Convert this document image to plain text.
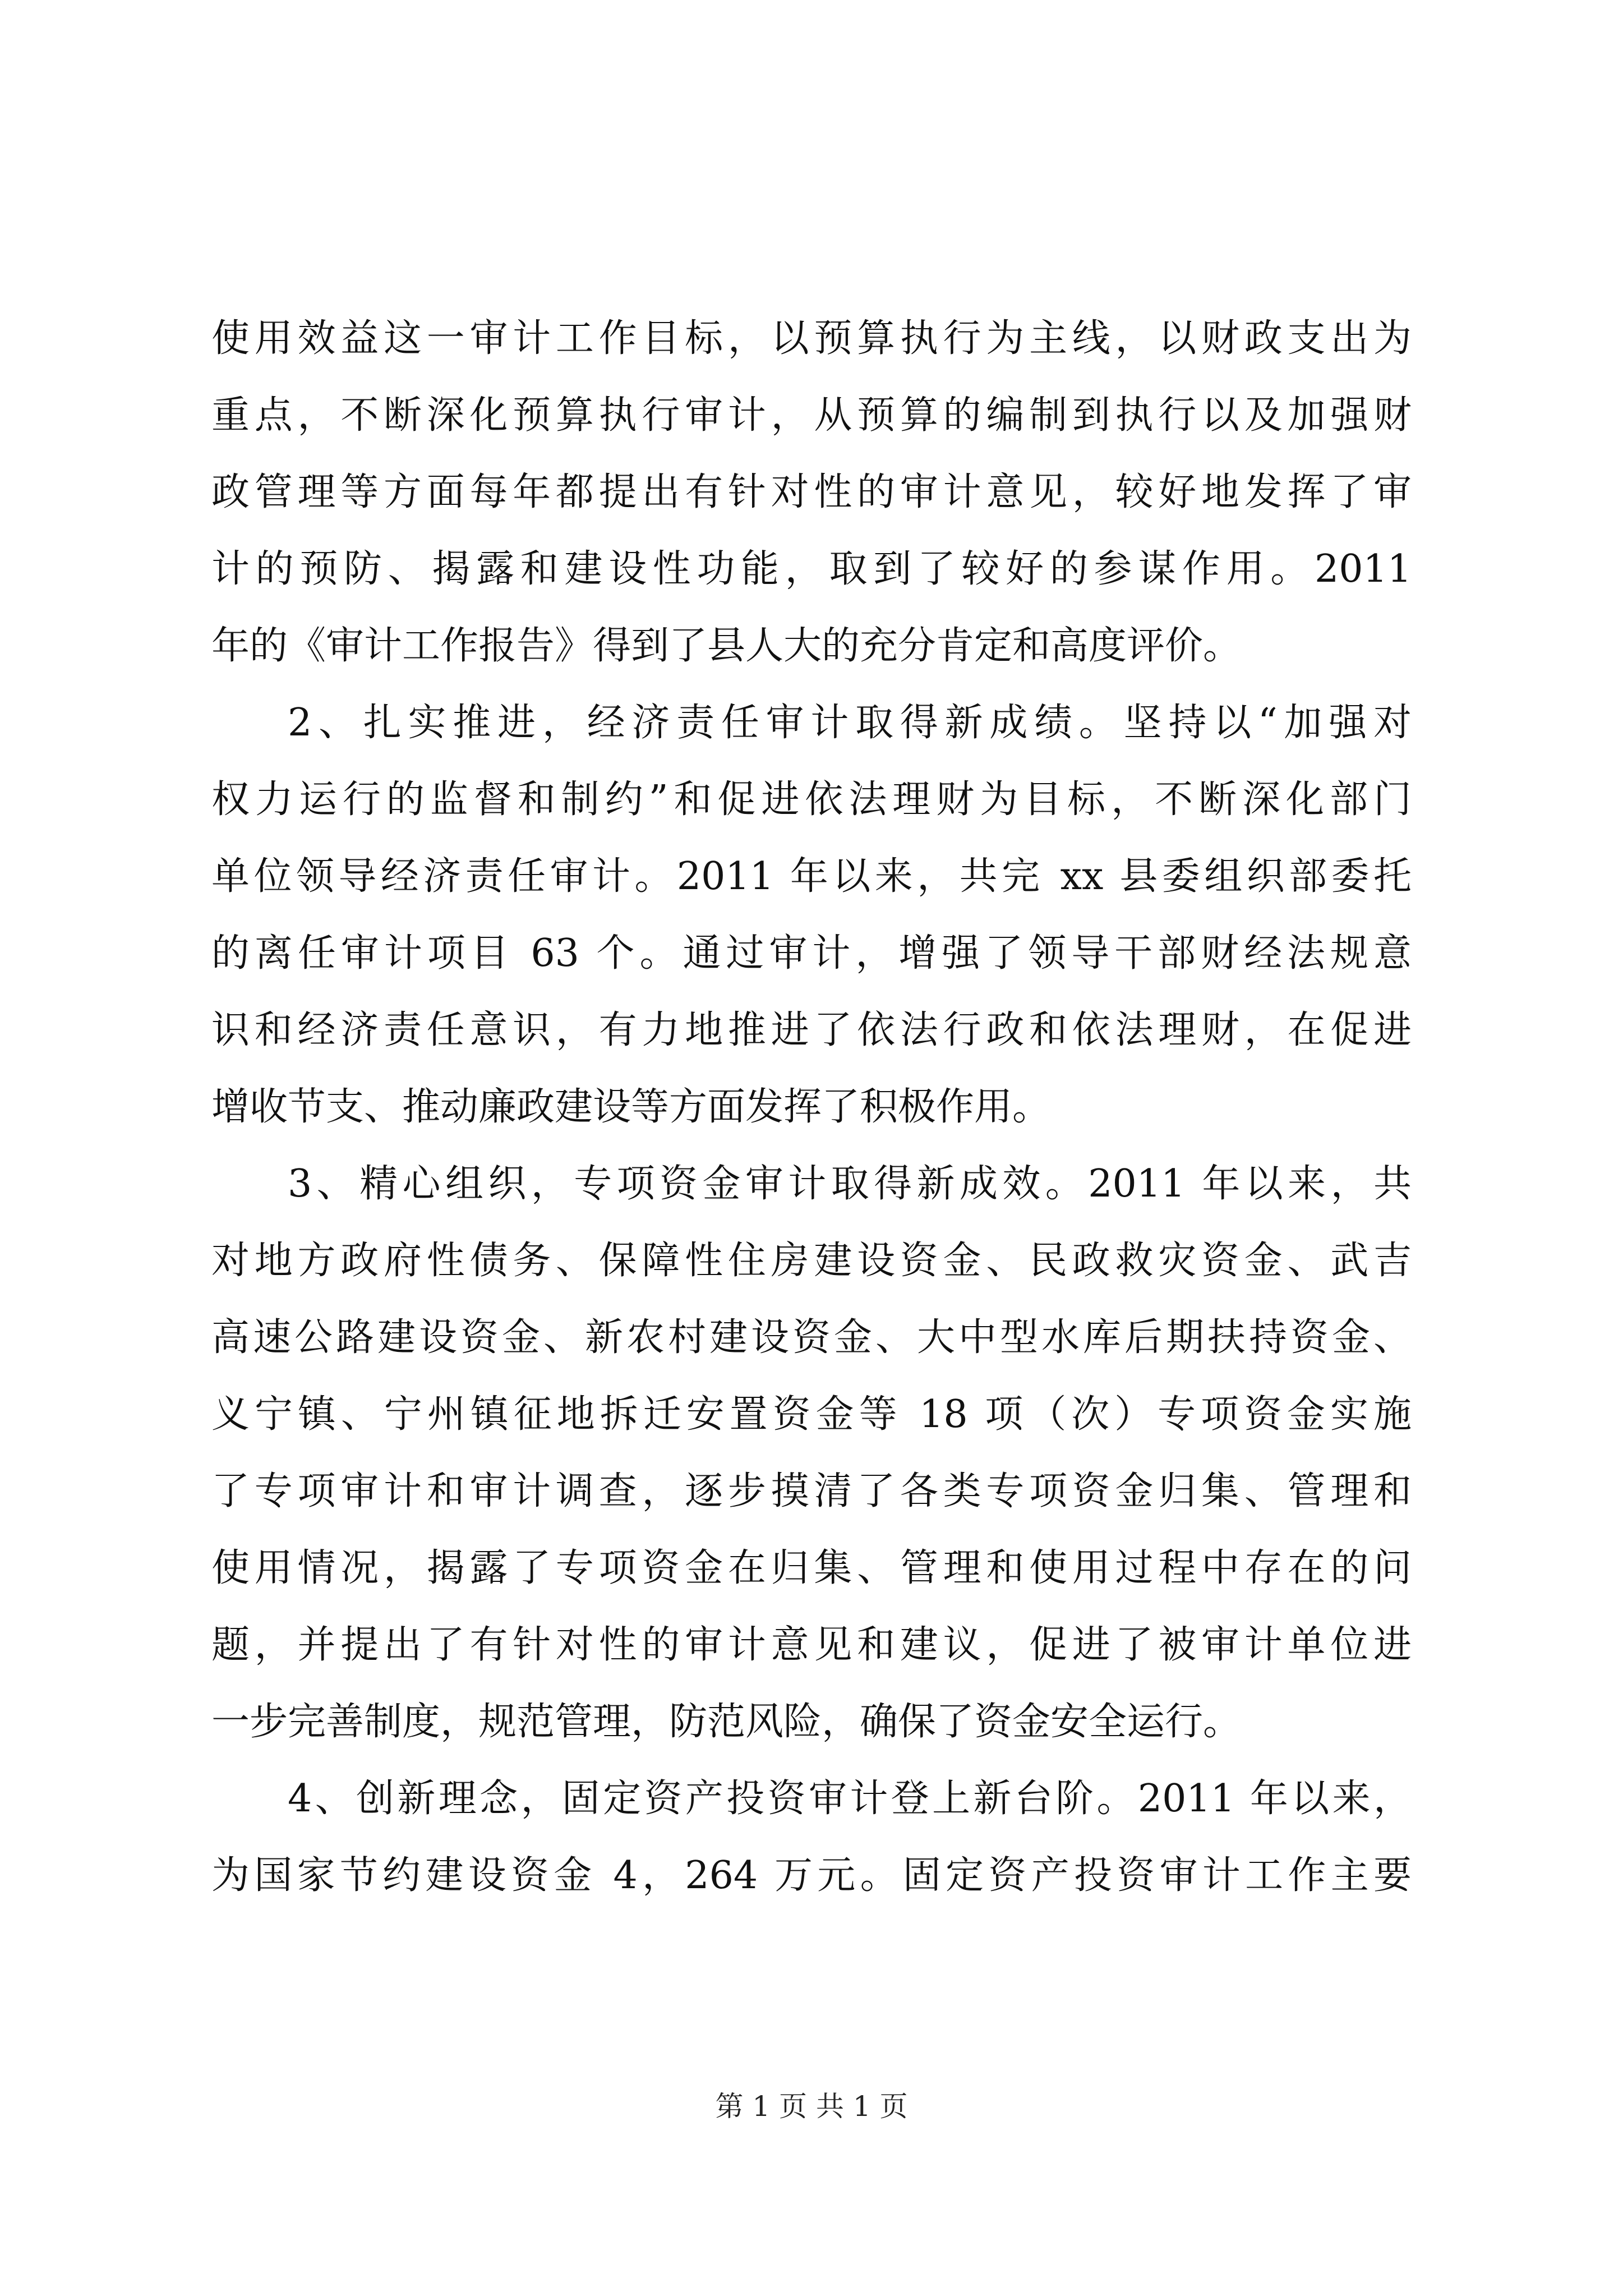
使用效益这一审计工作目标，以预算执行为主线，以财政支出为
重点，不断深化预算执行审计，从预算的编制到执行以及加强财
政管理等方面每年都提出有针对性的审计意见，较好地发挥了审
计的预防、揭露和建设性功能，取到了较好的参谋作用。2011
年的《审计工作报告》得到了县人大的充分肯定和高度评价。
2、扎实推进，经济责任审计取得新成绩。坚持以“加强对
权力运行的监督和制约”和促进依法理财为目标，不断深化部门
单位领导经济责任审计。2011 年以来，共完 xx 县委组织部委托
的离任审计项目 63 个。通过审计，增强了领导干部财经法规意
识和经济责任意识，有力地推进了依法行政和依法理财，在促进
增收节支、推动廉政建设等方面发挥了积极作用。
3、精心组织，专项资金审计取得新成效。2011 年以来，共
对地方政府性债务、保障性住房建设资金、民政救灾资金、武吉
高速公路建设资金、新农村建设资金、大中型水库后期扶持资金、
义宁镇、宁州镇征地拆迁安置资金等 18 项（次）专项资金实施
了专项审计和审计调查，逐步摸清了各类专项资金归集、管理和
使用情况，揭露了专项资金在归集、管理和使用过程中存在的问
题，并提出了有针对性的审计意见和建议，促进了被审计单位进
一步完善制度，规范管理，防范风险，确保了资金安全运行。
4、创新理念，固定资产投资审计登上新台阶。2011 年以来，
为国家节约建设资金 4，264 万元。固定资产投资审计工作主要
第 1 页 共 1 页
